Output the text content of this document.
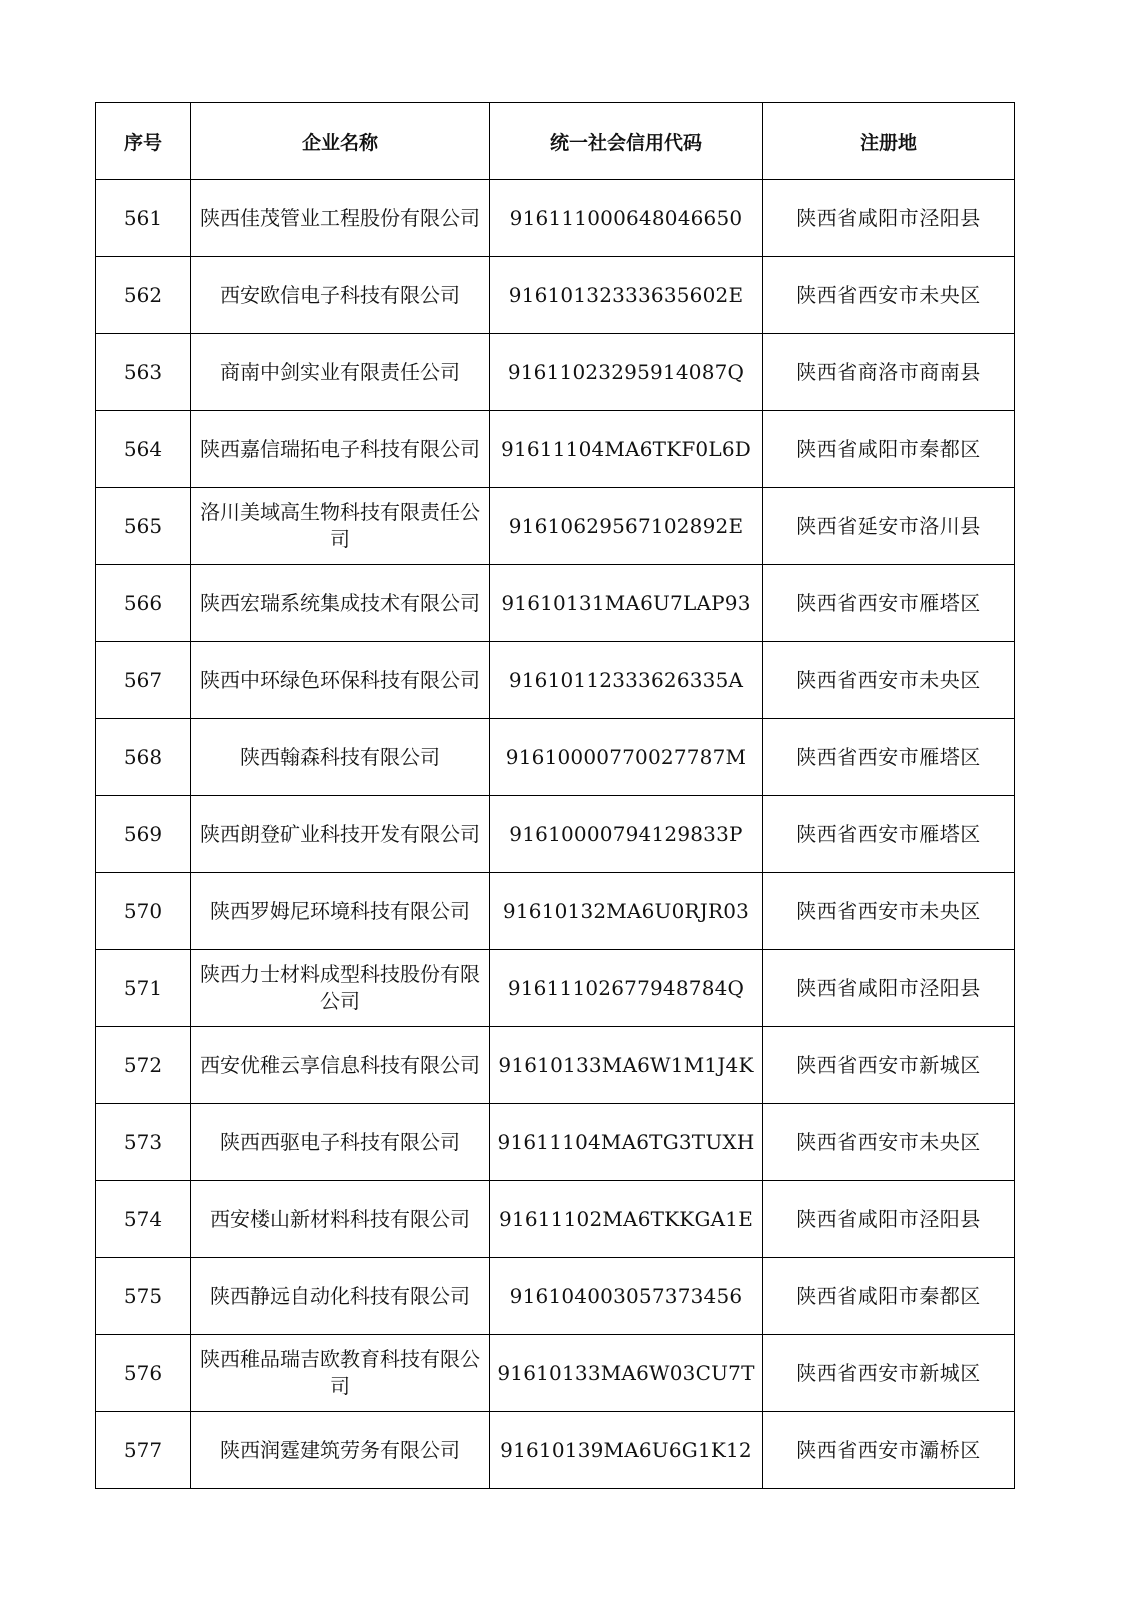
序号	企业名称	统一社会信用代码	注册地
561	陕西佳茂管业工程股份有限公司	916111000648046650	陕西省咸阳市泾阳县
562	西安欧信电子科技有限公司	91610132333635602E	陕西省西安市未央区
563	商南中剑实业有限责任公司	91611023295914087Q	陕西省商洛市商南县
564	陕西嘉信瑞拓电子科技有限公司	91611104MA6TKF0L6D	陕西省咸阳市秦都区
565	洛川美域高生物科技有限责任公司	91610629567102892E	陕西省延安市洛川县
566	陕西宏瑞系统集成技术有限公司	91610131MA6U7LAP93	陕西省西安市雁塔区
567	陕西中环绿色环保科技有限公司	91610112333626335A	陕西省西安市未央区
568	陕西翰森科技有限公司	91610000770027787M	陕西省西安市雁塔区
569	陕西朗登矿业科技开发有限公司	91610000794129833P	陕西省西安市雁塔区
570	陕西罗姆尼环境科技有限公司	91610132MA6U0RJR03	陕西省西安市未央区
571	陕西力士材料成型科技股份有限公司	91611102677948784Q	陕西省咸阳市泾阳县
572	西安优稚云享信息科技有限公司	91610133MA6W1M1J4K	陕西省西安市新城区
573	陕西西驱电子科技有限公司	91611104MA6TG3TUXH	陕西省西安市未央区
574	西安楼山新材料科技有限公司	91611102MA6TKKGA1E	陕西省咸阳市泾阳县
575	陕西静远自动化科技有限公司	916104003057373456	陕西省咸阳市秦都区
576	陕西稚品瑞吉欧教育科技有限公司	91610133MA6W03CU7T	陕西省西安市新城区
577	陕西润霆建筑劳务有限公司	91610139MA6U6G1K12	陕西省西安市灞桥区
